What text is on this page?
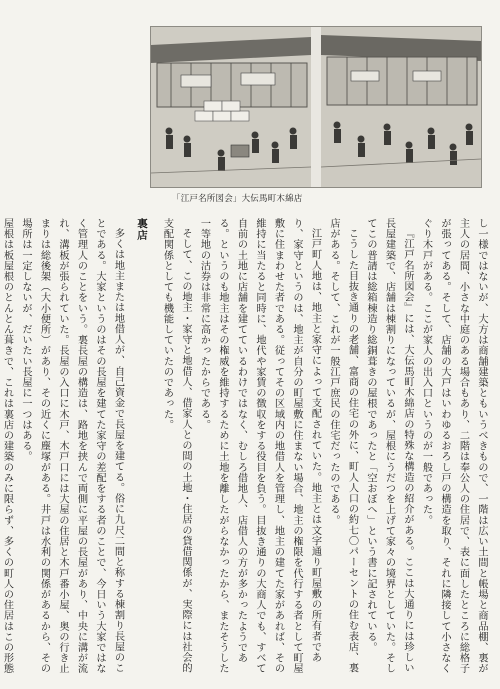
「江戸名所図会」大伝馬町木綿店

し一様ではないが、大方は商舗建築ともいうべきもので、一階は広い土間と帳場と商品棚、裏が主人の居間、小さな中庭のある場合もあり、二階は奉公人の住居で、表に面したところに総格子が張ってある。そして、店舗の大戸はいわゆるおろし戸の構造を取り、それに隣接して小さなくぐり木戸がある。ここが家人の出入口というのが一般であった。

『江戸名所図会』には、大伝馬町木綿店の特殊な構造の紹介がある。ここは大通りには珍しい長屋建築で、店舗は棟割りになっているが、屋根にうだつを上げて家々の境界としていた。そしてこの普請は総箱棟造り総銅葺きの屋根であったと「空おぼへ」という書に記されている。

こうした目抜き通りの老舗、富商の住宅の外に、町人人口の約七〇パーセントの住む表店、裏店がある。そして、これが一般江戸庶民の住宅だったのである。

江戸町人地は、地主と家守によって支配されていた。地主とは文字通り町屋敷の所有者であり、家守というのは、地主が自分の町屋敷に住まない場合、地主の権限を代行する者として町屋敷に住まわせた者である。従ってその区域内の地借人を管理し、地主の建てた家があれば、その維持に当たると同時に、地代や家賃の徴収をする役目を負う。目抜き通りの大商人でも、すべて自前の土地に店舗を建てているわけではなく、むしろ借地人、店借人の方が多かったようである。というのも地主はその権威を維持するために土地を離したがらなかったから、またそうした一等地の沽券は非常に高かったからである。

そして、この地主・家守と地借人、借家人との間の土地・住居の貸借関係が、実際には社会的支配関係としても機能していたのであった。

裏店

多くは地主または地借人が、自己資金で長屋を建てる。俗に九尺二間と称する棟割り長屋のことである。大家というのはその長屋を建てた家守の差配をする者のことで、今日いう大家ではなく管理人のことをいう。裏長屋の構造は、路地を挟んで両側に平屋の長屋があり、中央に溝が流れ、溝板が張られていた。長屋の入口に木戸、木戸口には大屋の住居と木戸番小屋、奥の行き止まりは総後架（大小便所）があり、その近くに塵塚がある。井戸は水利の関係があるから、その場所は一定しないが、だいたい長屋に一つはある。

屋根は板屋根のとんとん葺きで、これは裏店の建築のみに限らず、多くの町人の住居はこの形態
